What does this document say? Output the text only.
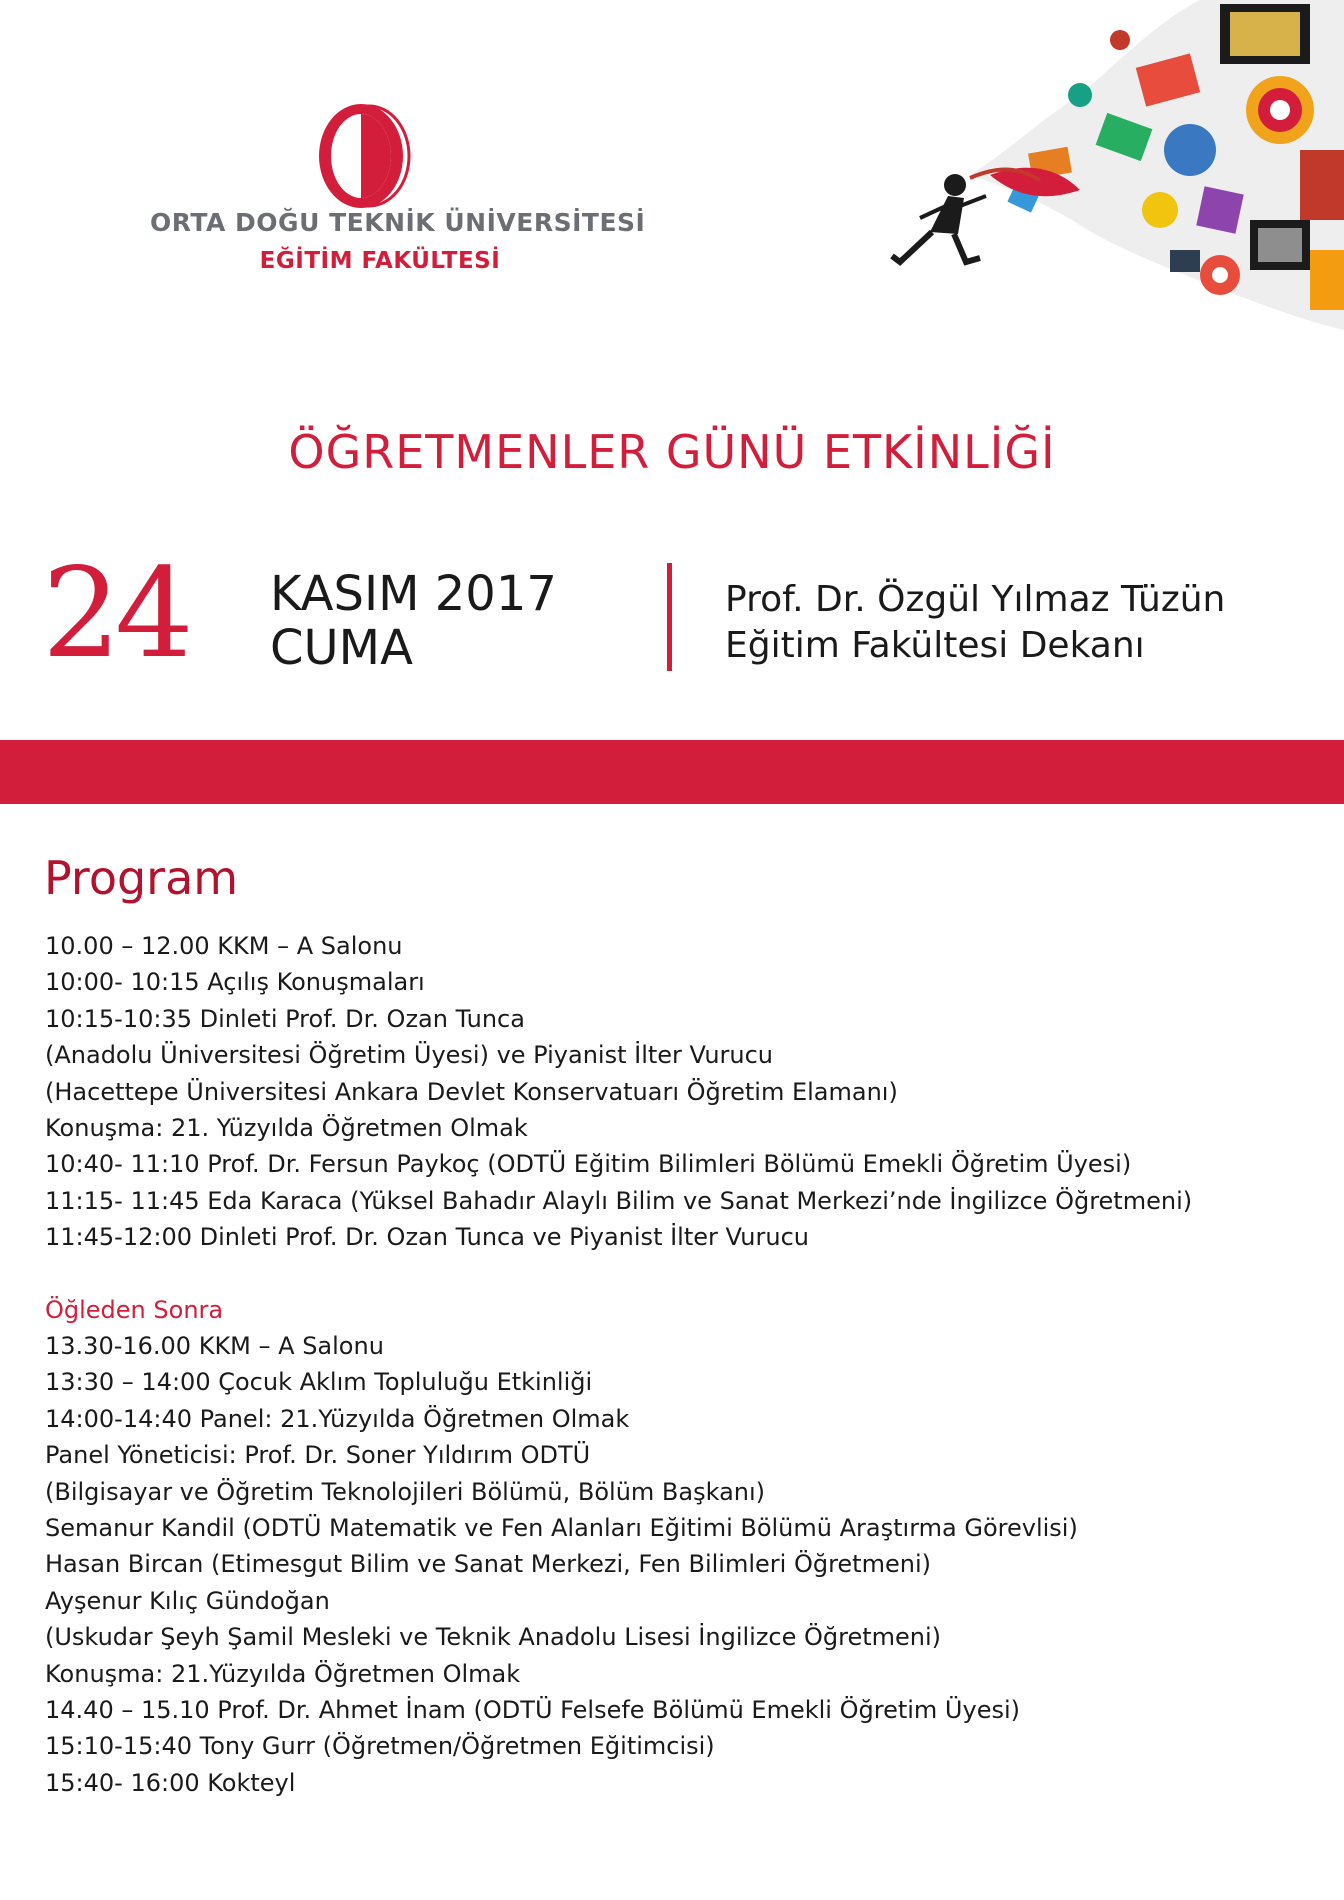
ORTA DOĞU TEKNİK ÜNİVERSİTESİ
EĞİTİM FAKÜLTESİ
ÖĞRETMENLER GÜNÜ ETKİNLİĞİ
24 KASIM 2017
CUMA
Prof. Dr. Özgül Yılmaz Tüzün
Eğitim Fakültesi Dekanı
Program
10.00 – 12.00 KKM – A Salonu
10:00- 10:15 Açılış Konuşmaları
10:15-10:35 Dinleti Prof. Dr. Ozan Tunca
(Anadolu Üniversitesi Öğretim Üyesi) ve Piyanist İlter Vurucu
(Hacettepe Üniversitesi Ankara Devlet Konservatuarı Öğretim Elamanı)
Konuşma: 21. Yüzyılda Öğretmen Olmak
10:40- 11:10 Prof. Dr. Fersun Paykoç (ODTÜ Eğitim Bilimleri Bölümü Emekli Öğretim Üyesi)
11:15- 11:45 Eda Karaca (Yüksel Bahadır Alaylı Bilim ve Sanat Merkezi’nde İngilizce Öğretmeni)
11:45-12:00 Dinleti Prof. Dr. Ozan Tunca ve Piyanist İlter Vurucu
Öğleden Sonra
13.30-16.00 KKM – A Salonu
13:30 – 14:00 Çocuk Aklım Topluluğu Etkinliği
14:00-14:40 Panel: 21.Yüzyılda Öğretmen Olmak
Panel Yöneticisi: Prof. Dr. Soner Yıldırım ODTÜ
(Bilgisayar ve Öğretim Teknolojileri Bölümü, Bölüm Başkanı)
Semanur Kandil (ODTÜ Matematik ve Fen Alanları Eğitimi Bölümü Araştırma Görevlisi)
Hasan Bircan (Etimesgut Bilim ve Sanat Merkezi, Fen Bilimleri Öğretmeni)
Ayşenur Kılıç Gündoğan
(Uskudar Şeyh Şamil Mesleki ve Teknik Anadolu Lisesi İngilizce Öğretmeni)
Konuşma: 21.Yüzyılda Öğretmen Olmak
14.40 – 15.10 Prof. Dr. Ahmet İnam (ODTÜ Felsefe Bölümü Emekli Öğretim Üyesi)
15:10-15:40 Tony Gurr (Öğretmen/Öğretmen Eğitimcisi)
15:40- 16:00 Kokteyl
